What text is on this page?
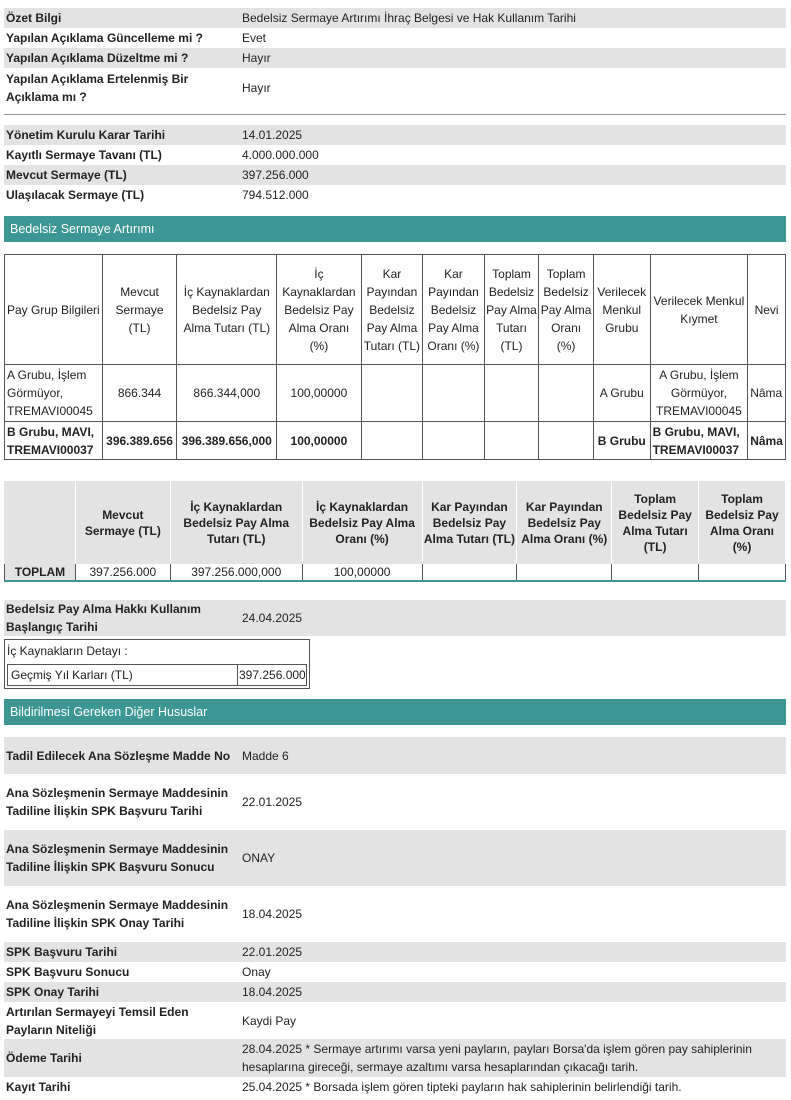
Özet Bilgi	Bedelsiz Sermaye Artırımı İhraç Belgesi ve Hak Kullanım Tarihi
Yapılan Açıklama Güncelleme mi ?	Evet
Yapılan Açıklama Düzeltme mi ?	Hayır
Yapılan Açıklama Ertelenmiş Bir Açıklama mı ?	Hayır
Yönetim Kurulu Karar Tarihi	14.01.2025
Kayıtlı Sermaye Tavanı (TL)	4.000.000.000
Mevcut Sermaye (TL)	397.256.000
Ulaşılacak Sermaye (TL)	794.512.000
Bedelsiz Sermaye Artırımı
Pay Grup Bilgileri	Mevcut Sermaye (TL)	İç Kaynaklardan Bedelsiz Pay Alma Tutarı (TL)	İç Kaynaklardan Bedelsiz Pay Alma Oranı (%)	Kar Payından Bedelsiz Pay Alma Tutarı (TL)	Kar Payından Bedelsiz Pay Alma Oranı (%)	Toplam Bedelsiz Pay Alma Tutarı (TL)	Toplam Bedelsiz Pay Alma Oranı (%)	Verilecek Menkul Grubu	Verilecek Menkul Kıymet	Nevi
A Grubu, İşlem Görmüyor, TREMAVI00045	866.344	866.344,000	100,00000					A Grubu	A Grubu, İşlem Görmüyor, TREMAVI00045	Nâma
B Grubu, MAVI, TREMAVI00037	396.389.656	396.389.656,000	100,00000					B Grubu	B Grubu, MAVI, TREMAVI00037	Nâma
	Mevcut Sermaye (TL)	İç Kaynaklardan Bedelsiz Pay Alma Tutarı (TL)	İç Kaynaklardan Bedelsiz Pay Alma Oranı (%)	Kar Payından Bedelsiz Pay Alma Tutarı (TL)	Kar Payından Bedelsiz Pay Alma Oranı (%)	Toplam Bedelsiz Pay Alma Tutarı (TL)	Toplam Bedelsiz Pay Alma Oranı (%)
TOPLAM	397.256.000	397.256.000,000	100,00000				
Bedelsiz Pay Alma Hakkı Kullanım Başlangıç Tarihi	24.04.2025
İç Kaynakların Detayı :
Geçmiş Yıl Karları (TL)	397.256.000
Bildirilmesi Gereken Diğer Hususlar
Tadil Edilecek Ana Sözleşme Madde No	Madde 6
Ana Sözleşmenin Sermaye Maddesinin Tadiline İlişkin SPK Başvuru Tarihi	22.01.2025
Ana Sözleşmenin Sermaye Maddesinin Tadiline İlişkin SPK Başvuru Sonucu	ONAY
Ana Sözleşmenin Sermaye Maddesinin Tadiline İlişkin SPK Onay Tarihi	18.04.2025
SPK Başvuru Tarihi	22.01.2025
SPK Başvuru Sonucu	Onay
SPK Onay Tarihi	18.04.2025
Artırılan Sermayeyi Temsil Eden Payların Niteliği	Kaydi Pay
Ödeme Tarihi	28.04.2025 * Sermaye artırımı varsa yeni payların, payları Borsa'da işlem gören pay sahiplerinin hesaplarına gireceği, sermaye azaltımı varsa hesaplarından çıkacağı tarih.
Kayıt Tarihi	25.04.2025 * Borsada işlem gören tipteki payların hak sahiplerinin belirlendiği tarih.
